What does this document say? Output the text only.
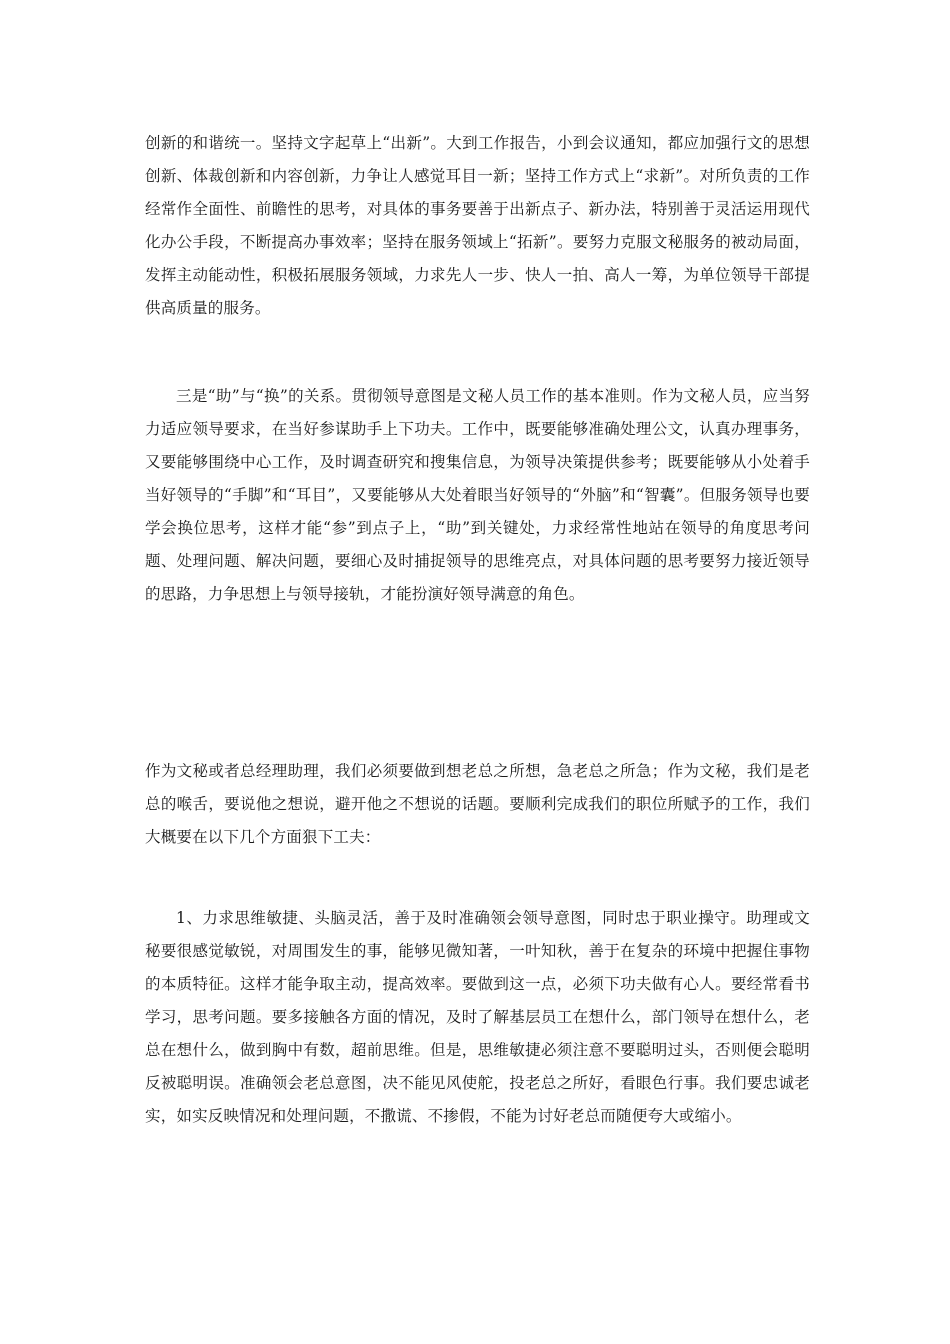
创新的和谐统一。坚持文字起草上“出新”。大到工作报告，小到会议通知，都应加强行文的思想创新、体裁创新和内容创新，力争让人感觉耳目一新；坚持工作方式上“求新”。对所负责的工作经常作全面性、前瞻性的思考，对具体的事务要善于出新点子、新办法，特别善于灵活运用现代化办公手段，不断提高办事效率；坚持在服务领域上“拓新”。要努力克服文秘服务的被动局面，发挥主动能动性，积极拓展服务领域，力求先人一步、快人一拍、高人一筹，为单位领导干部提供高质量的服务。

三是“助”与“换”的关系。贯彻领导意图是文秘人员工作的基本准则。作为文秘人员，应当努力适应领导要求，在当好参谋助手上下功夫。工作中，既要能够准确处理公文，认真办理事务，又要能够围绕中心工作，及时调查研究和搜集信息，为领导决策提供参考；既要能够从小处着手当好领导的“手脚”和“耳目”，又要能够从大处着眼当好领导的“外脑”和“智囊”。但服务领导也要学会换位思考，这样才能“参”到点子上，“助”到关键处，力求经常性地站在领导的角度思考问题、处理问题、解决问题，要细心及时捕捉领导的思维亮点，对具体问题的思考要努力接近领导的思路，力争思想上与领导接轨，才能扮演好领导满意的角色。

作为文秘或者总经理助理，我们必须要做到想老总之所想，急老总之所急；作为文秘，我们是老总的喉舌，要说他之想说，避开他之不想说的话题。要顺利完成我们的职位所赋予的工作，我们大概要在以下几个方面狠下工夫：

1、力求思维敏捷、头脑灵活，善于及时准确领会领导意图，同时忠于职业操守。助理或文秘要很感觉敏锐，对周围发生的事，能够见微知著，一叶知秋，善于在复杂的环境中把握住事物的本质特征。这样才能争取主动，提高效率。要做到这一点，必须下功夫做有心人。要经常看书学习，思考问题。要多接触各方面的情况，及时了解基层员工在想什么，部门领导在想什么，老总在想什么，做到胸中有数，超前思维。但是，思维敏捷必须注意不要聪明过头，否则便会聪明反被聪明误。准确领会老总意图，决不能见风使舵，投老总之所好，看眼色行事。我们要忠诚老实，如实反映情况和处理问题，不撒谎、不掺假，不能为讨好老总而随便夸大或缩小。
